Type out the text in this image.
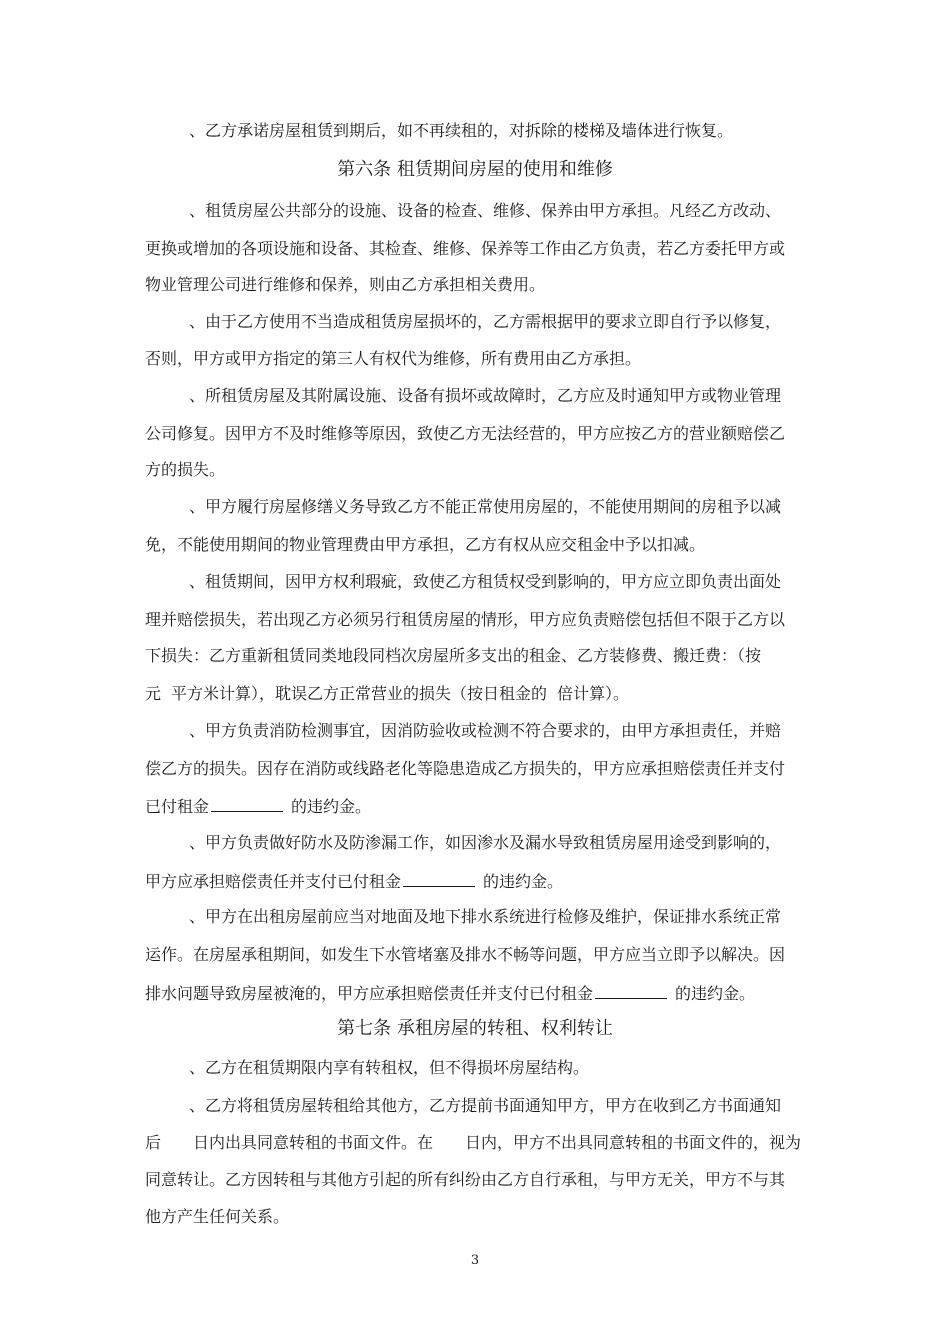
、乙方承诺房屋租赁到期后，如不再续租的，对拆除的楼梯及墙体进行恢复。
第六条 租赁期间房屋的使用和维修
、租赁房屋公共部分的设施、设备的检查、维修、保养由甲方承担。凡经乙方改动、
更换或增加的各项设施和设备、其检查、维修、保养等工作由乙方负责，若乙方委托甲方或
物业管理公司进行维修和保养，则由乙方承担相关费用。
、由于乙方使用不当造成租赁房屋损坏的，乙方需根据甲的要求立即自行予以修复，
否则，甲方或甲方指定的第三人有权代为维修，所有费用由乙方承担。
、所租赁房屋及其附属设施、设备有损坏或故障时，乙方应及时通知甲方或物业管理
公司修复。因甲方不及时维修等原因，致使乙方无法经营的，甲方应按乙方的营业额赔偿乙
方的损失。
、甲方履行房屋修缮义务导致乙方不能正常使用房屋的，不能使用期间的房租予以减
免，不能使用期间的物业管理费由甲方承担，乙方有权从应交租金中予以扣减。
、租赁期间，因甲方权利瑕疵，致使乙方租赁权受到影响的，甲方应立即负责出面处
理并赔偿损失，若出现乙方必须另行租赁房屋的情形，甲方应负责赔偿包括但不限于乙方以
下损失：乙方重新租赁同类地段同档次房屋所多支出的租金、乙方装修费、搬迁费：（按
元 平方米计算），耽误乙方正常营业的损失（按日租金的 倍计算）。
、甲方负责消防检测事宜，因消防验收或检测不符合要求的，由甲方承担责任，并赔
偿乙方的损失。因存在消防或线路老化等隐患造成乙方损失的，甲方应承担赔偿责任并支付
已付租金	的违约金。
、甲方负责做好防水及防渗漏工作，如因渗水及漏水导致租赁房屋用途受到影响的，
甲方应承担赔偿责任并支付已付租金	的违约金。
、甲方在出租房屋前应当对地面及地下排水系统进行检修及维护，保证排水系统正常
运作。在房屋承租期间，如发生下水管堵塞及排水不畅等问题，甲方应当立即予以解决。因
排水问题导致房屋被淹的，甲方应承担赔偿责任并支付已付租金	的违约金。
第七条 承租房屋的转租、权利转让
、乙方在租赁期限内享有转租权，但不得损坏房屋结构。
、乙方将租赁房屋转租给其他方，乙方提前书面通知甲方，甲方在收到乙方书面通知
后 日内出具同意转租的书面文件。在 日内，甲方不出具同意转租的书面文件的，视为
同意转让。乙方因转租与其他方引起的所有纠纷由乙方自行承租，与甲方无关，甲方不与其
他方产生任何关系。
3
